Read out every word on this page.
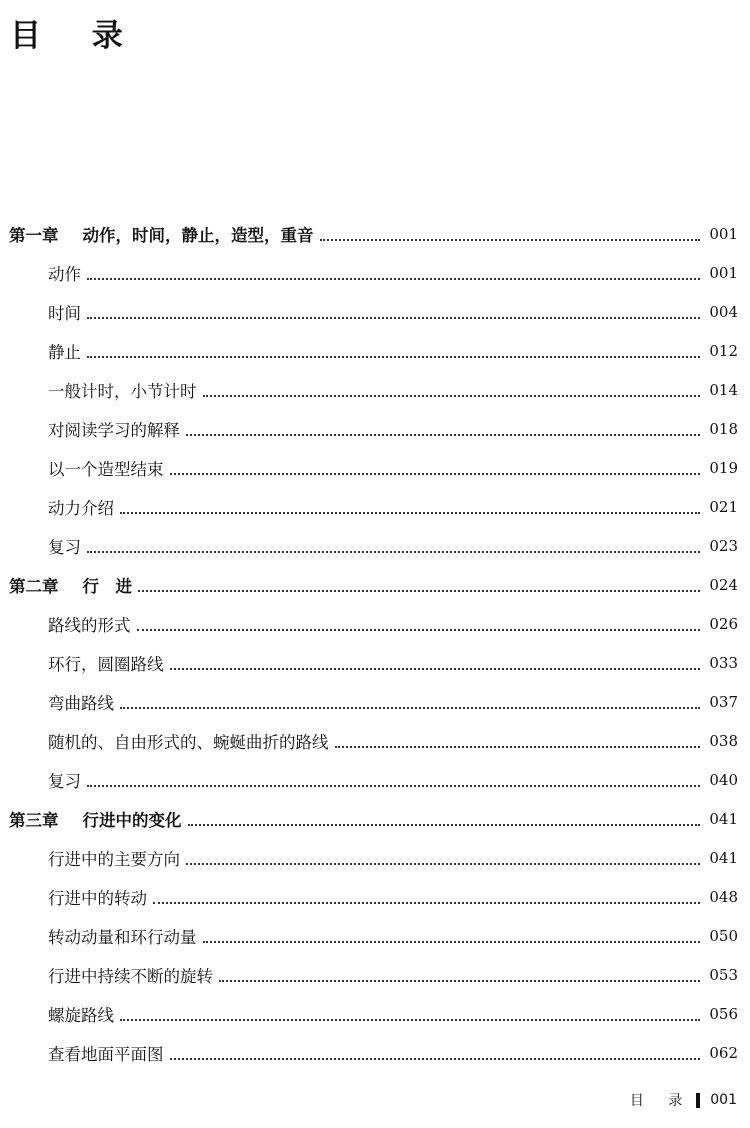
目 录
第一章 动作，时间，静止，造型，重音	001
动作	001
时间	004
静止	012
一般计时，小节计时	014
对阅读学习的解释	018
以一个造型结束	019
动力介绍	021
复习	023
第二章 行　进	024
路线的形式	026
环行，圆圈路线	033
弯曲路线	037
随机的、自由形式的、蜿蜒曲折的路线	038
复习	040
第三章 行进中的变化	041
行进中的主要方向	041
行进中的转动	048
转动动量和环行动量	050
行进中持续不断的旋转	053
螺旋路线	056
查看地面平面图	062
目 录 001
